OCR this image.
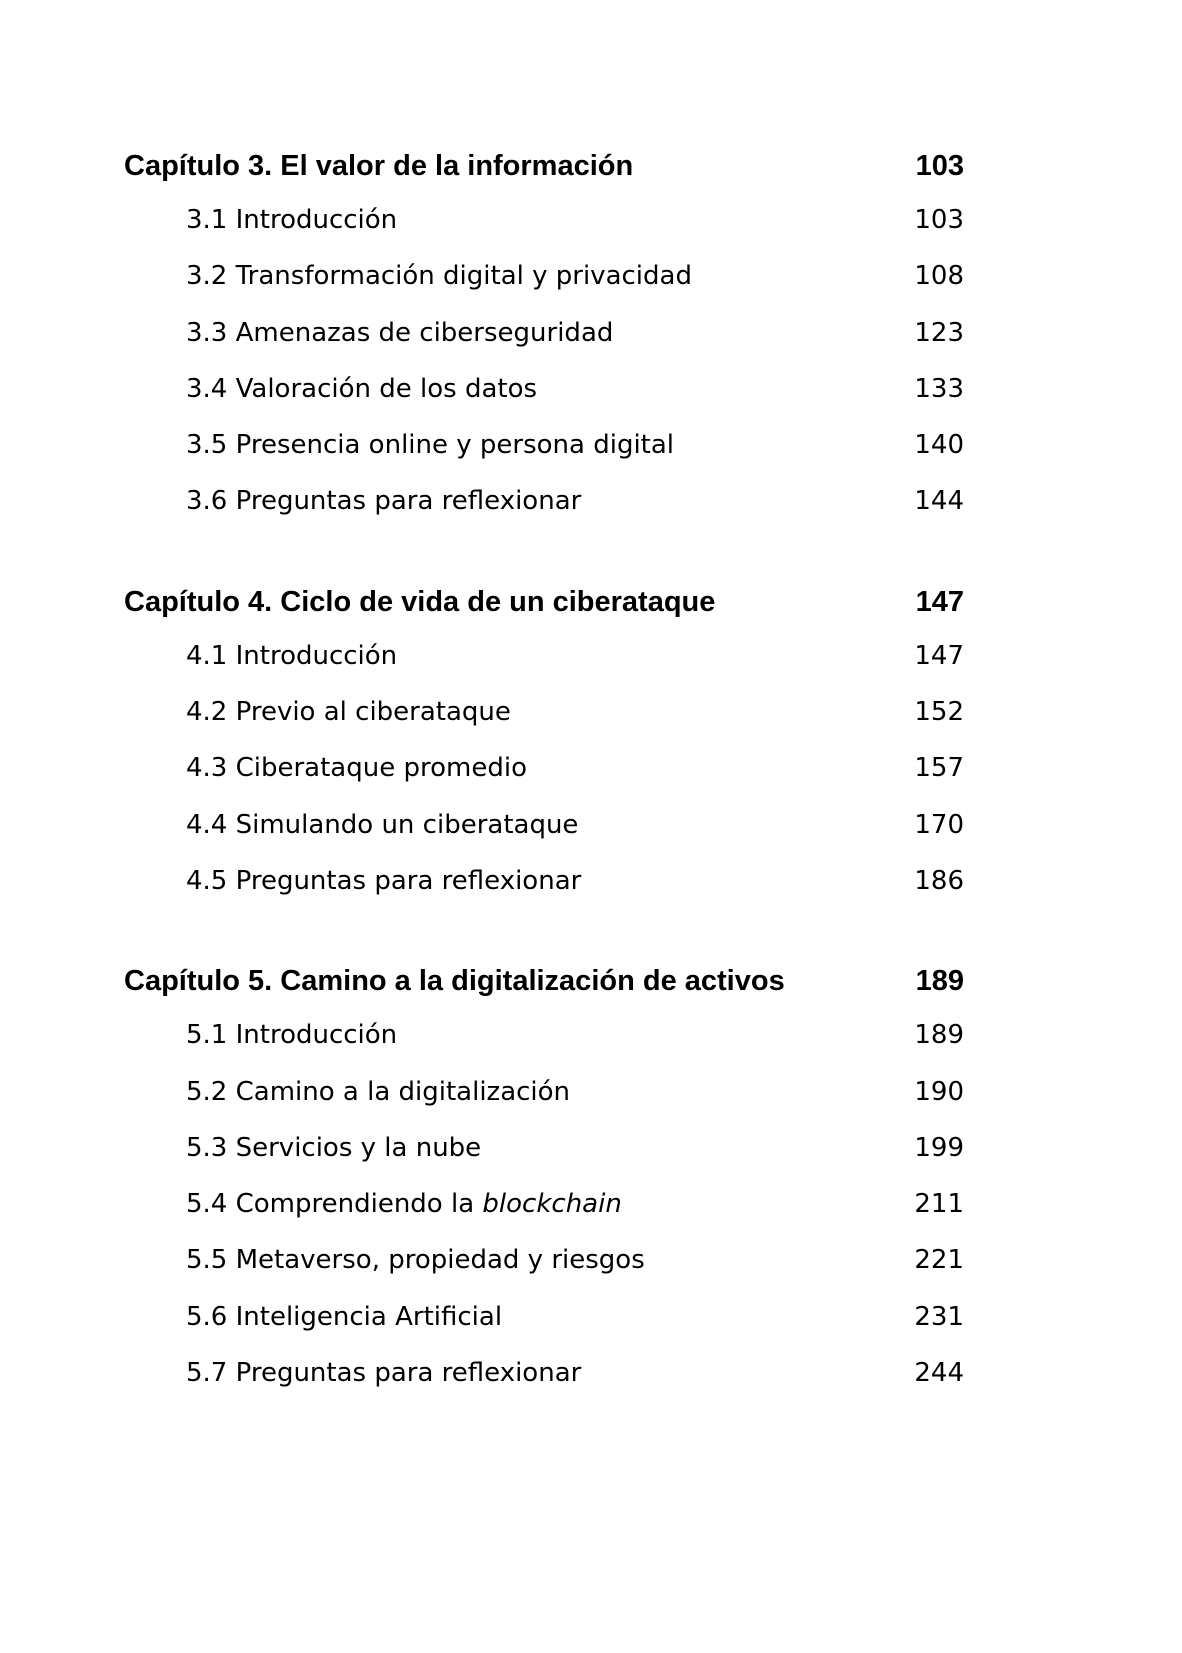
Capítulo 3. El valor de la información	103
3.1 Introducción	103
3.2 Transformación digital y privacidad	108
3.3 Amenazas de ciberseguridad	123
3.4 Valoración de los datos	133
3.5 Presencia online y persona digital	140
3.6 Preguntas para reflexionar	144
Capítulo 4. Ciclo de vida de un ciberataque	147
4.1 Introducción	147
4.2 Previo al ciberataque	152
4.3 Ciberataque promedio	157
4.4 Simulando un ciberataque	170
4.5 Preguntas para reflexionar	186
Capítulo 5. Camino a la digitalización de activos	189
5.1 Introducción	189
5.2 Camino a la digitalización	190
5.3 Servicios y la nube	199
5.4 Comprendiendo la blockchain	211
5.5 Metaverso, propiedad y riesgos	221
5.6 Inteligencia Artificial	231
5.7 Preguntas para reflexionar	244
